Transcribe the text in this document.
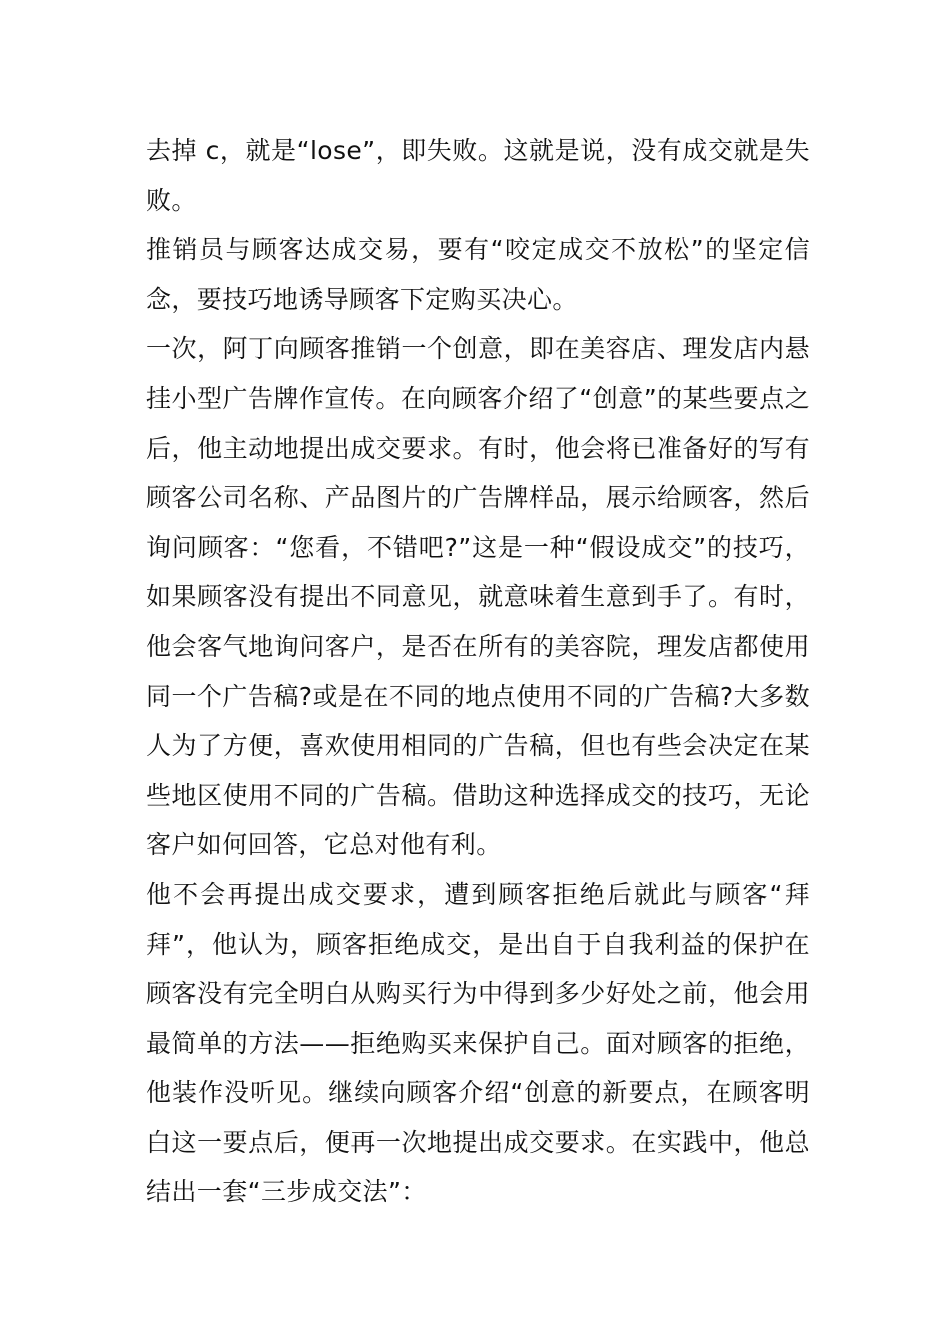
去掉 c，就是“lose”，即失败。这就是说，没有成交就是失败。

推销员与顾客达成交易，要有“咬定成交不放松”的坚定信念，要技巧地诱导顾客下定购买决心。

一次，阿丁向顾客推销一个创意，即在美容店、理发店内悬挂小型广告牌作宣传。在向顾客介绍了“创意”的某些要点之后，他主动地提出成交要求。有时，他会将已准备好的写有顾客公司名称、产品图片的广告牌样品，展示给顾客，然后询问顾客：“您看，不错吧?”这是一种“假设成交”的技巧，如果顾客没有提出不同意见，就意味着生意到手了。有时，他会客气地询问客户，是否在所有的美容院，理发店都使用同一个广告稿?或是在不同的地点使用不同的广告稿?大多数人为了方便，喜欢使用相同的广告稿，但也有些会决定在某些地区使用不同的广告稿。借助这种选择成交的技巧，无论客户如何回答，它总对他有利。

他不会再提出成交要求，遭到顾客拒绝后就此与顾客“拜拜”，他认为，顾客拒绝成交，是出自于自我利益的保护在顾客没有完全明白从购买行为中得到多少好处之前，他会用最简单的方法——拒绝购买来保护自己。面对顾客的拒绝，他装作没听见。继续向顾客介绍“创意的新要点，在顾客明白这一要点后，便再一次地提出成交要求。在实践中，他总结出一套“三步成交法”：
